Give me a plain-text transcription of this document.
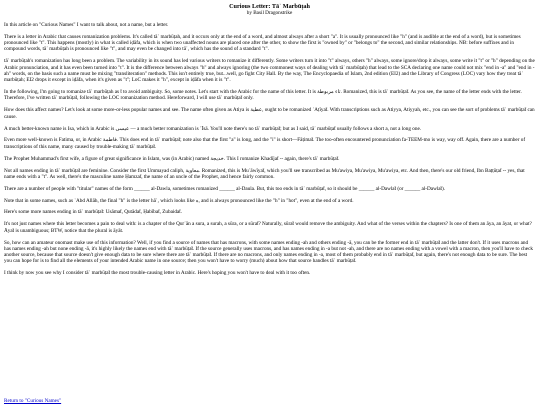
Curious Letter: Tāʾ Marbūṭah
by Basil Dragonstrike

In this article on "Curious Names" I want to talk about, not a name, but a letter.

There is a letter in Arabic that causes romanization problems. It's called tāʾ marbūṭah, and it occurs only at the end of a word, and almost always after a short "a". It is usually pronounced like "h" (and is audible at the end of a word), but is sometimes pronounced like "t". This happens (mostly) in what is called iḍāfa, which is when two unaffected nouns are placed one after the other, to show the first is "owned by" or "belongs to" the second, and similar relationships. NB: before suffixes and in compound words, tāʾ marbūṭah is pronounced like "t", and may even be changed into tāʾ, which has the sound of a standard "t".

tāʾ marbūṭah's romanization has long been a problem. The variability in its sound has led various writers to romanize it differently. Some writers turn it into "t" always, others "h" always, some ignore/drop it always, some write it "t" or "h" depending on the Arabic pronunciation, and it has even been turned into "t". It is the difference between always "h" and always ignoring (the two commonest ways of dealing with tāʾ marbūṭah) that lead to the SCA declaring one name could not mix "end in -a" and "end in -ah" words, on the basis such a name must be mixing "transliteration" methods. This isn't entirely true, but...well, go fight City Hall. By the way, The Encyclopaedia of Islam, 2nd edition (EI2) and the Library of Congress (LOC) vary how they treat tāʾ marbūṭah; EI2 drops it except in iḍāfa, when it's given as "t"; LoC makes it "h", except in iḍāfa when it is "t".

In the following, I'm going to romanize tāʾ marbūṭah as ẗ to avoid ambiguity. So, some notes. Let's start with the Arabic for the name of this letter. It is تاء مربوطة. Romanized, this is tāʾ marbūṭaẗ. As you see, the name of the letter ends with the letter. Therefore, I've written tāʾ marbūṭaẗ, following the LOC romanization method. Hereforward, I will use tāʾ marbūṭaẗ only.

How does this affect names? Let's look at some more-or-less popular names and see. The name often given as Atiya is عطية, ought to be romanized ʿAṭīyaẗ. With transcriptions such as Atiyya, Atiyyah, etc., you can see the sort of problems tāʾ marbūṭaẗ can cause.

A much better-known name is Isa, which in Arabic is عيسى — a much better romanization is ʿĪsā. You'll note there's no tāʾ marbūṭaẗ; but as I said, tāʾ marbūṭaẗ usually follows a short a, not a long one.

Even more well-known is Fatima, or, in Arabic فاطمة. This does end in tāʾ marbūṭaẗ; note also that the first "a" is long, and the "i" is short—Fāṭimaẗ. The too-often encountered pronunciation fa-TEEM-mo is way, way off. Again, there are a number of transcriptions of this name, many caused by trouble-making tāʾ marbūṭaẗ.

The Prophet Muhammad's first wife, a figure of great significance in Islam, was (in Arabic) named خديجة. This I romanize Khadījaẗ -- again, there's tāʾ marbūṭaẗ.

Not all names ending in tāʾ marbūṭaẗ are feminine. Consider the first Ummayad caliph, معاوية. Romanized, this is Muʿāwīyaẗ, which you'll see transcribed as Mu'awiya, Mu'awiya, Mu'awiya, etc. And then, there's our old friend, Ibn Baṭṭūṭaẗ -- yes, that name ends with a "t". As well, there's the masculine name Ḥamzaẗ, the name of an uncle of the Prophet, and hence fairly common.

There are a number of people with "titular" names of the form ______ al-Dawla, sometimes romanized ______ al-Daula. But, this too ends in tāʾ marbūṭaẗ, so it should be ______ al-Dawlaẗ (or ______ al-Dawlaẗ).

Note that in some names, such as ʿAbd Allāh, the final "h" is the letter hāʾ, which looks like ه, and is always pronounced like the "h" in "hot", even at the end of a word.

Here's some more names ending in tāʾ marbūṭaẗ: Usāmaẗ, Qutādaẗ, Ḥabībaẗ, Zubaidaẗ.

It's not just names where this letter becomes a pain to deal with: is a chapter of the Qurʾān a sura, a surah, a sūra, or a sūraẗ? Naturally, sūraẗ would remove the ambiguity. And what of the verses within the chapters? Is one of them an āya, an āyat, or what? Āyaẗ is unambiguous; BTW, notice that the plural is āyāt.

So, how can an amateur onomast make use of this information? Well, if you find a source of names that has macrons, with some names ending -ah and others ending -ā, you can be the former end in tāʾ marbūṭaẗ and the latter don't. If it uses macrons and has names ending -ah but none ending -ā, it's highly likely the names end with tāʾ marbūṭaẗ. If the source generally uses macrons, and has names ending in -a but not -ah, and there are no names ending with a vowel with a macron, then you'll have to check another source, because that source doesn't give enough data to be sure where there are tāʾ marbūṭaẗ. If there are no macrons, and only names ending in -a, most of them probably end in tāʾ marbūṭaẗ, but again, there's not enough data to be sure. The best you can hope for is to find all the elements of your intended Arabic name in one source; then you won't have to worry (much) about how that source handles tāʾ marbūṭaẗ.

I think by now you see why I consider tāʾ marbūṭaẗ the most trouble-causing letter in Arabic. Here's hoping you won't have to deal with it too often.

Return to "Curious Names"
